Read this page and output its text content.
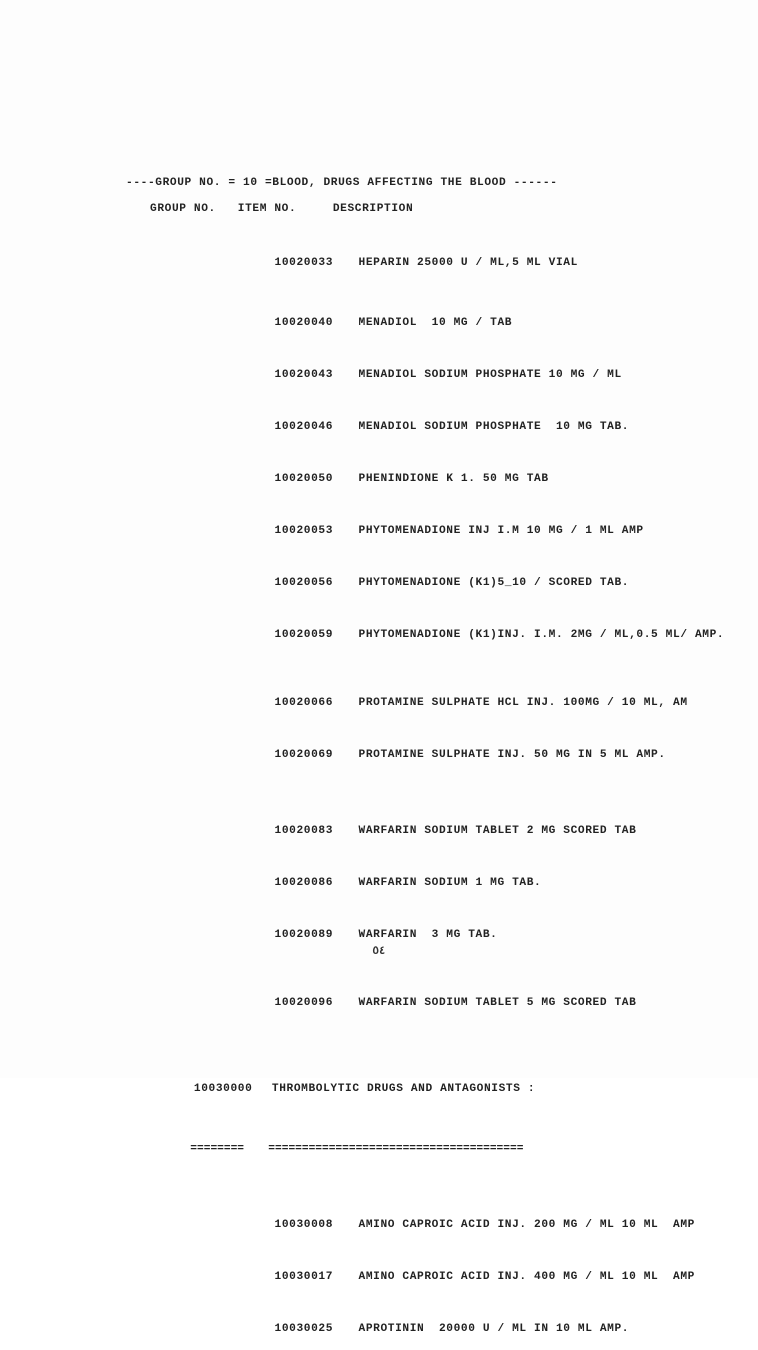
----GROUP NO. = 10 =BLOOD, DRUGS AFFECTING THE BLOOD ------
GROUP NO.   ITEM NO.     DESCRIPTION

10020033 HEPARIN 25000 U / ML,5 ML VIAL

10020040 MENADIOL  10 MG / TAB

10020043 MENADIOL SODIUM PHOSPHATE 10 MG / ML

10020046 MENADIOL SODIUM PHOSPHATE  10 MG TAB.

10020050 PHENINDIONE K 1. 50 MG TAB

10020053 PHYTOMENADIONE INJ I.M 10 MG / 1 ML AMP

10020056 PHYTOMENADIONE (K1)5_10 / SCORED TAB.

10020059 PHYTOMENADIONE (K1)INJ. I.M. 2MG / ML,0.5 ML/ AMP.

10020066 PROTAMINE SULPHATE HCL INJ. 100MG / 10 ML, AM

10020069 PROTAMINE SULPHATE INJ. 50 MG IN 5 ML AMP.

10020083 WARFARIN SODIUM TABLET 2 MG SCORED TAB

10020086 WARFARIN SODIUM 1 MG TAB.

10020089 WARFARIN  3 MG TAB.

10020096 WARFARIN SODIUM TABLET 5 MG SCORED TAB

10030000 THROMBOLYTIC DRUGS AND ANTAGONISTS :

======== ======================================

10030008 AMINO CAPROIC ACID INJ. 200 MG / ML 10 ML  AMP

10030017 AMINO CAPROIC ACID INJ. 400 MG / ML 10 ML  AMP

10030025 APROTININ  20000 U / ML IN 10 ML AMP.

٥٤
